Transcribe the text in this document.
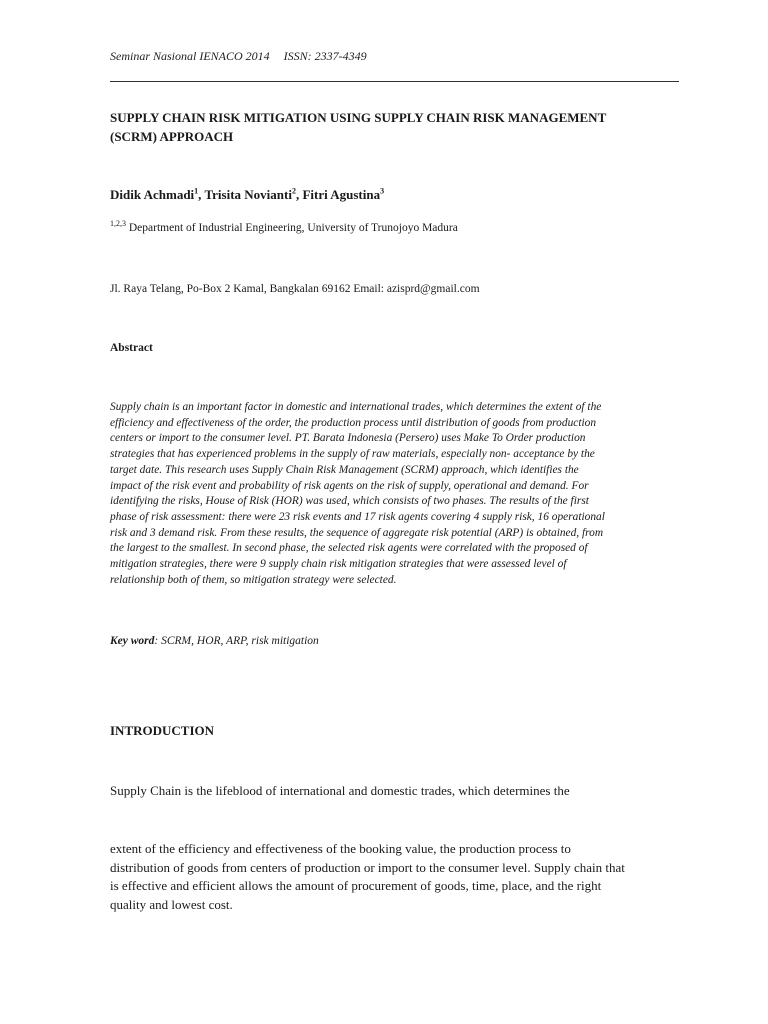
Seminar Nasional IENACO 2014 ISSN: 2337-4349
SUPPLY CHAIN RISK MITIGATION USING SUPPLY CHAIN RISK MANAGEMENT
(SCRM) APPROACH
Didik Achmadi$^1$, Trisita Novianti$^2$, Fitri Agustina$^3$
$^{1,2,3}$ Department of Industrial Engineering, University of Trunojoyo Madura
Jl. Raya Telang, Po-Box 2 Kamal, Bangkalan 69162 Email: azisprd@gmail.com
Abstract
Supply chain is an important factor in domestic and international trades, which determines the extent of the
efficiency and effectiveness of the order, the production process until distribution of goods from production
centers or import to the consumer level. PT. Barata Indonesia (Persero) uses Make To Order production
strategies that has experienced problems in the supply of raw materials, especially non- acceptance by the
target date. This research uses Supply Chain Risk Management (SCRM) approach, which identifies the
impact of the risk event and probability of risk agents on the risk of supply, operational and demand. For
identifying the risks, House of Risk (HOR) was used, which consists of two phases. The results of the first
phase of risk assessment: there were 23 risk events and 17 risk agents covering 4 supply risk, 16 operational
risk and 3 demand risk. From these results, the sequence of aggregate risk potential (ARP) is obtained, from
the largest to the smallest. In second phase, the selected risk agents were correlated with the proposed of
mitigation strategies, there were 9 supply chain risk mitigation strategies that were assessed level of
relationship both of them, so mitigation strategy were selected.
Key word: SCRM, HOR, ARP, risk mitigation
INTRODUCTION
Supply Chain is the lifeblood of international and domestic trades, which determines the
extent of the efficiency and effectiveness of the booking value, the production process to
distribution of goods from centers of production or import to the consumer level. Supply chain that
is effective and efficient allows the amount of procurement of goods, time, place, and the right
quality and lowest cost.
